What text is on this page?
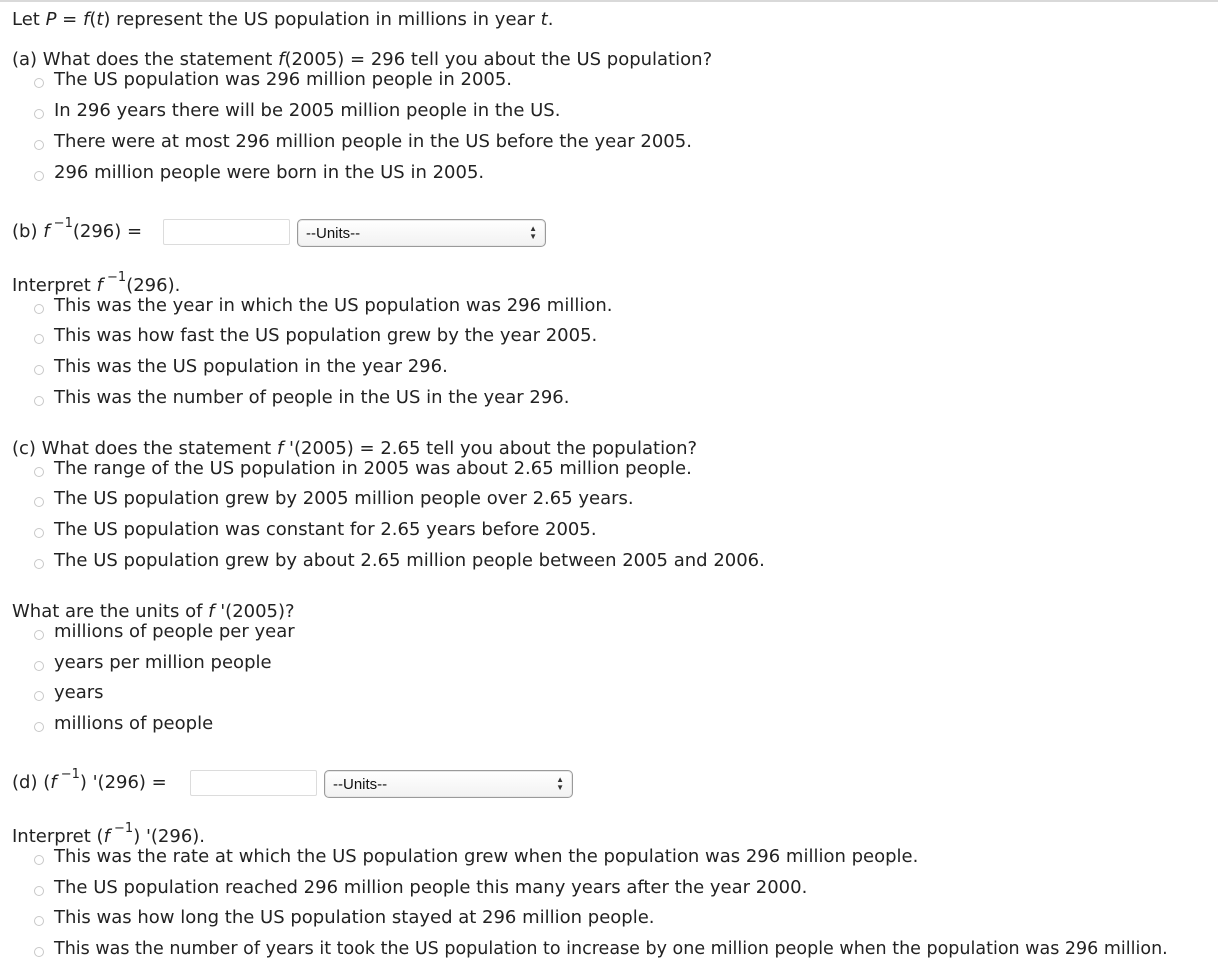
Let P = f(t) represent the US population in millions in year t.
(a) What does the statement f(2005) = 296 tell you about the US population?
The US population was 296 million people in 2005.
In 296 years there will be 2005 million people in the US.
There were at most 296 million people in the US before the year 2005.
296 million people were born in the US in 2005.
(b) f $^{-1}$(296) =	--Units--	▲
▼
Interpret f $^{-1}$(296).
This was the year in which the US population was 296 million.
This was how fast the US population grew by the year 2005.
This was the US population in the year 296.
This was the number of people in the US in the year 296.
(c) What does the statement f '(2005) = 2.65 tell you about the population?
The range of the US population in 2005 was about 2.65 million people.
The US population grew by 2005 million people over 2.65 years.
The US population was constant for 2.65 years before 2005.
The US population grew by about 2.65 million people between 2005 and 2006.
What are the units of f '(2005)?
millions of people per year
years per million people
years
millions of people
(d) (f $^{-1}$) '(296) =	--Units--	▲
▼
Interpret (f $^{-1}$) '(296).
This was the rate at which the US population grew when the population was 296 million people.
The US population reached 296 million people this many years after the year 2000.
This was how long the US population stayed at 296 million people.
This was the number of years it took the US population to increase by one million people when the population was 296 million.
